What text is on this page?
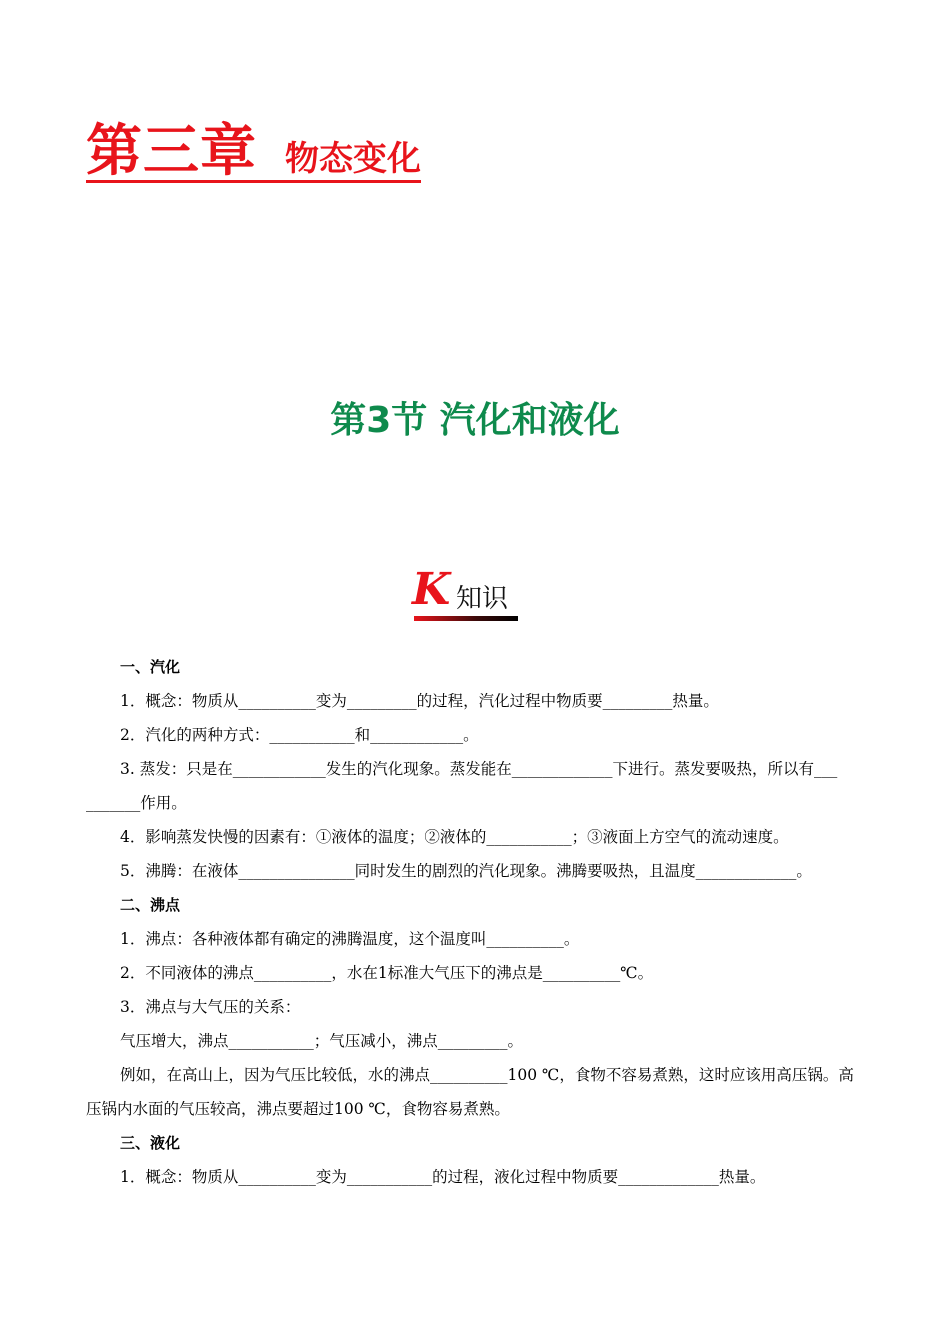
第三章 物态变化
第3节 汽化和液化
K 知识
一、汽化
1．概念：物质从__________变为_________的过程，汽化过程中物质要_________热量。
2．汽化的两种方式：___________和____________。
3. 蒸发：只是在____________发生的汽化现象。蒸发能在_____________下进行。蒸发要吸热，所以有___
_______作用。
4．影响蒸发快慢的因素有：①液体的温度；②液体的___________；③液面上方空气的流动速度。
5．沸腾：在液体_______________同时发生的剧烈的汽化现象。沸腾要吸热，且温度_____________。
二、沸点
1．沸点：各种液体都有确定的沸腾温度，这个温度叫__________。
2．不同液体的沸点__________，水在1标准大气压下的沸点是__________℃。
3．沸点与大气压的关系：
气压增大，沸点___________；气压减小，沸点_________。
例如，在高山上，因为气压比较低，水的沸点__________100 ℃，食物不容易煮熟，这时应该用高压锅。高
压锅内水面的气压较高，沸点要超过100 ℃，食物容易煮熟。
三、液化
1．概念：物质从__________变为___________的过程，液化过程中物质要_____________热量。
